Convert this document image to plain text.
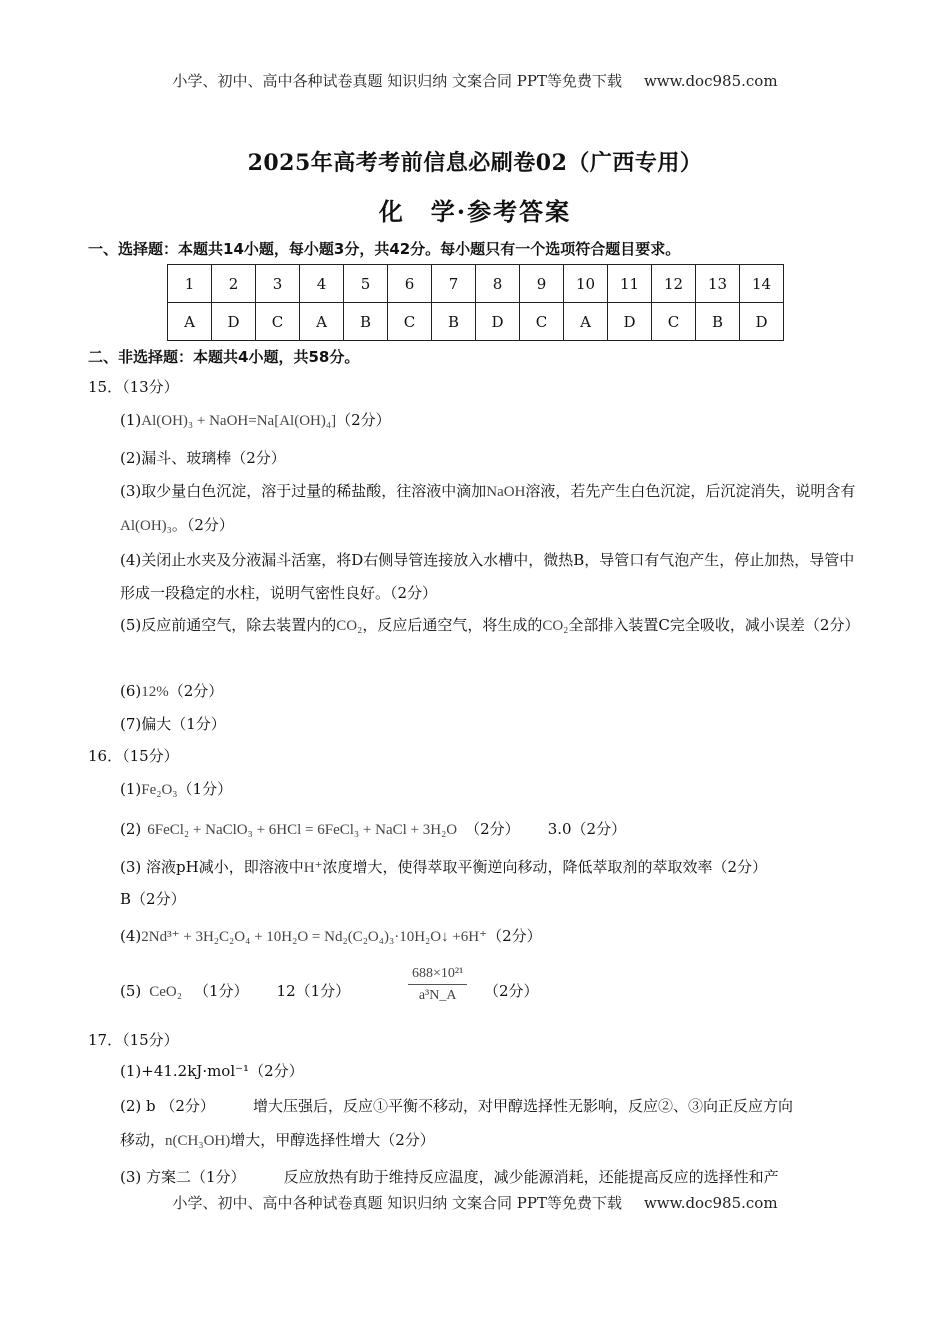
小学、初中、高中各种试卷真题 知识归纳 文案合同 PPT等免费下载 www.doc985.com
2025年高考考前信息必刷卷02（广西专用）
化　学·参考答案
一、选择题：本题共14小题，每小题3分，共42分。每小题只有一个选项符合题目要求。
1	2	3	4	5	6	7	8	9	10	11	12	13	14
A	D	C	A	B	C	B	D	C	A	D	C	B	D
二、非选择题：本题共4小题，共58分。
15．（13分）
(1)Al(OH)₃ + NaOH=Na[Al(OH)₄]（2分）
(2)漏斗、玻璃棒（2分）
(3)取少量白色沉淀，溶于过量的稀盐酸，往溶液中滴加NaOH溶液，若先产生白色沉淀，后沉淀消失，说明含有Al(OH)₃。（2分）
(4)关闭止水夹及分液漏斗活塞，将D右侧导管连接放入水槽中，微热B，导管口有气泡产生，停止加热，导管中形成一段稳定的水柱，说明气密性良好。（2分）
(5)反应前通空气，除去装置内的CO₂，反应后通空气，将生成的CO₂全部排入装置C完全吸收，减小误差（2分）
(6)12%（2分）
(7)偏大（1分）
16．（15分）
(1)Fe₂O₃（1分）
(2) 6FeCl₂ + NaClO₃ + 6HCl = 6FeCl₃ + NaCl + 3H₂O （2分） 3.0（2分）
(3) 溶液pH减小，即溶液中H⁺浓度增大，使得萃取平衡逆向移动，降低萃取剂的萃取效率（2分）
B（2分）
(4)2Nd³⁺ + 3H₂C₂O₄ + 10H₂O = Nd₂(C₂O₄)₃·10H₂O↓ +6H⁺（2分）
(5) CeO₂ （1分） 12（1分）	$\frac{\text{688×10²¹}}{\text{a³N\_A}} (2$分）
17．（15分）
(1)+41.2kJ·mol⁻¹（2分）
(2) b （2分）	增大压强后，反应①平衡不移动，对甲醇选择性无影响，反应②、③向正反应方向
移动，n(CH₃OH)增大，甲醇选择性增大（2分）
(3) 方案二（1分）	反应放热有助于维持反应温度，减少能源消耗，还能提高反应的选择性和产
小学、初中、高中各种试卷真题 知识归纳 文案合同 PPT等免费下载 www.doc985.com
